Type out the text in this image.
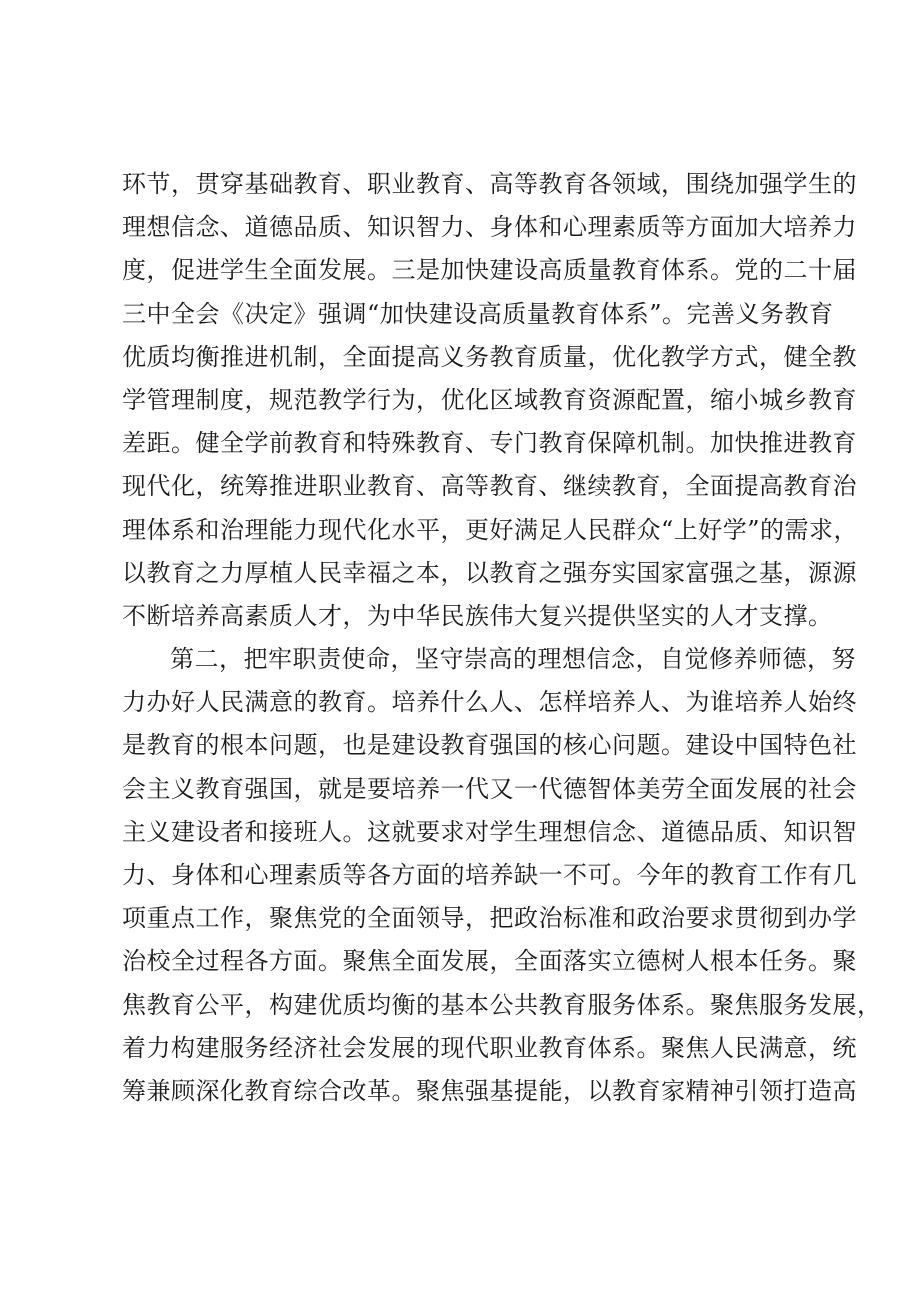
环节，贯穿基础教育、职业教育、高等教育各领域，围绕加强学生的
理想信念、道德品质、知识智力、身体和心理素质等方面加大培养力
度，促进学生全面发展。三是加快建设高质量教育体系。党的二十届
三中全会《决定》强调“加快建设高质量教育体系”。完善义务教育
优质均衡推进机制，全面提高义务教育质量，优化教学方式，健全教
学管理制度，规范教学行为，优化区域教育资源配置，缩小城乡教育
差距。健全学前教育和特殊教育、专门教育保障机制。加快推进教育
现代化，统筹推进职业教育、高等教育、继续教育，全面提高教育治
理体系和治理能力现代化水平，更好满足人民群众“上好学”的需求，
以教育之力厚植人民幸福之本，以教育之强夯实国家富强之基，源源
不断培养高素质人才，为中华民族伟大复兴提供坚实的人才支撑。
第二，把牢职责使命，坚守崇高的理想信念，自觉修养师德，努
力办好人民满意的教育。培养什么人、怎样培养人、为谁培养人始终
是教育的根本问题，也是建设教育强国的核心问题。建设中国特色社
会主义教育强国，就是要培养一代又一代德智体美劳全面发展的社会
主义建设者和接班人。这就要求对学生理想信念、道德品质、知识智
力、身体和心理素质等各方面的培养缺一不可。今年的教育工作有几
项重点工作，聚焦党的全面领导，把政治标准和政治要求贯彻到办学
治校全过程各方面。聚焦全面发展，全面落实立德树人根本任务。聚
焦教育公平，构建优质均衡的基本公共教育服务体系。聚焦服务发展，
着力构建服务经济社会发展的现代职业教育体系。聚焦人民满意，统
筹兼顾深化教育综合改革。聚焦强基提能，以教育家精神引领打造高
